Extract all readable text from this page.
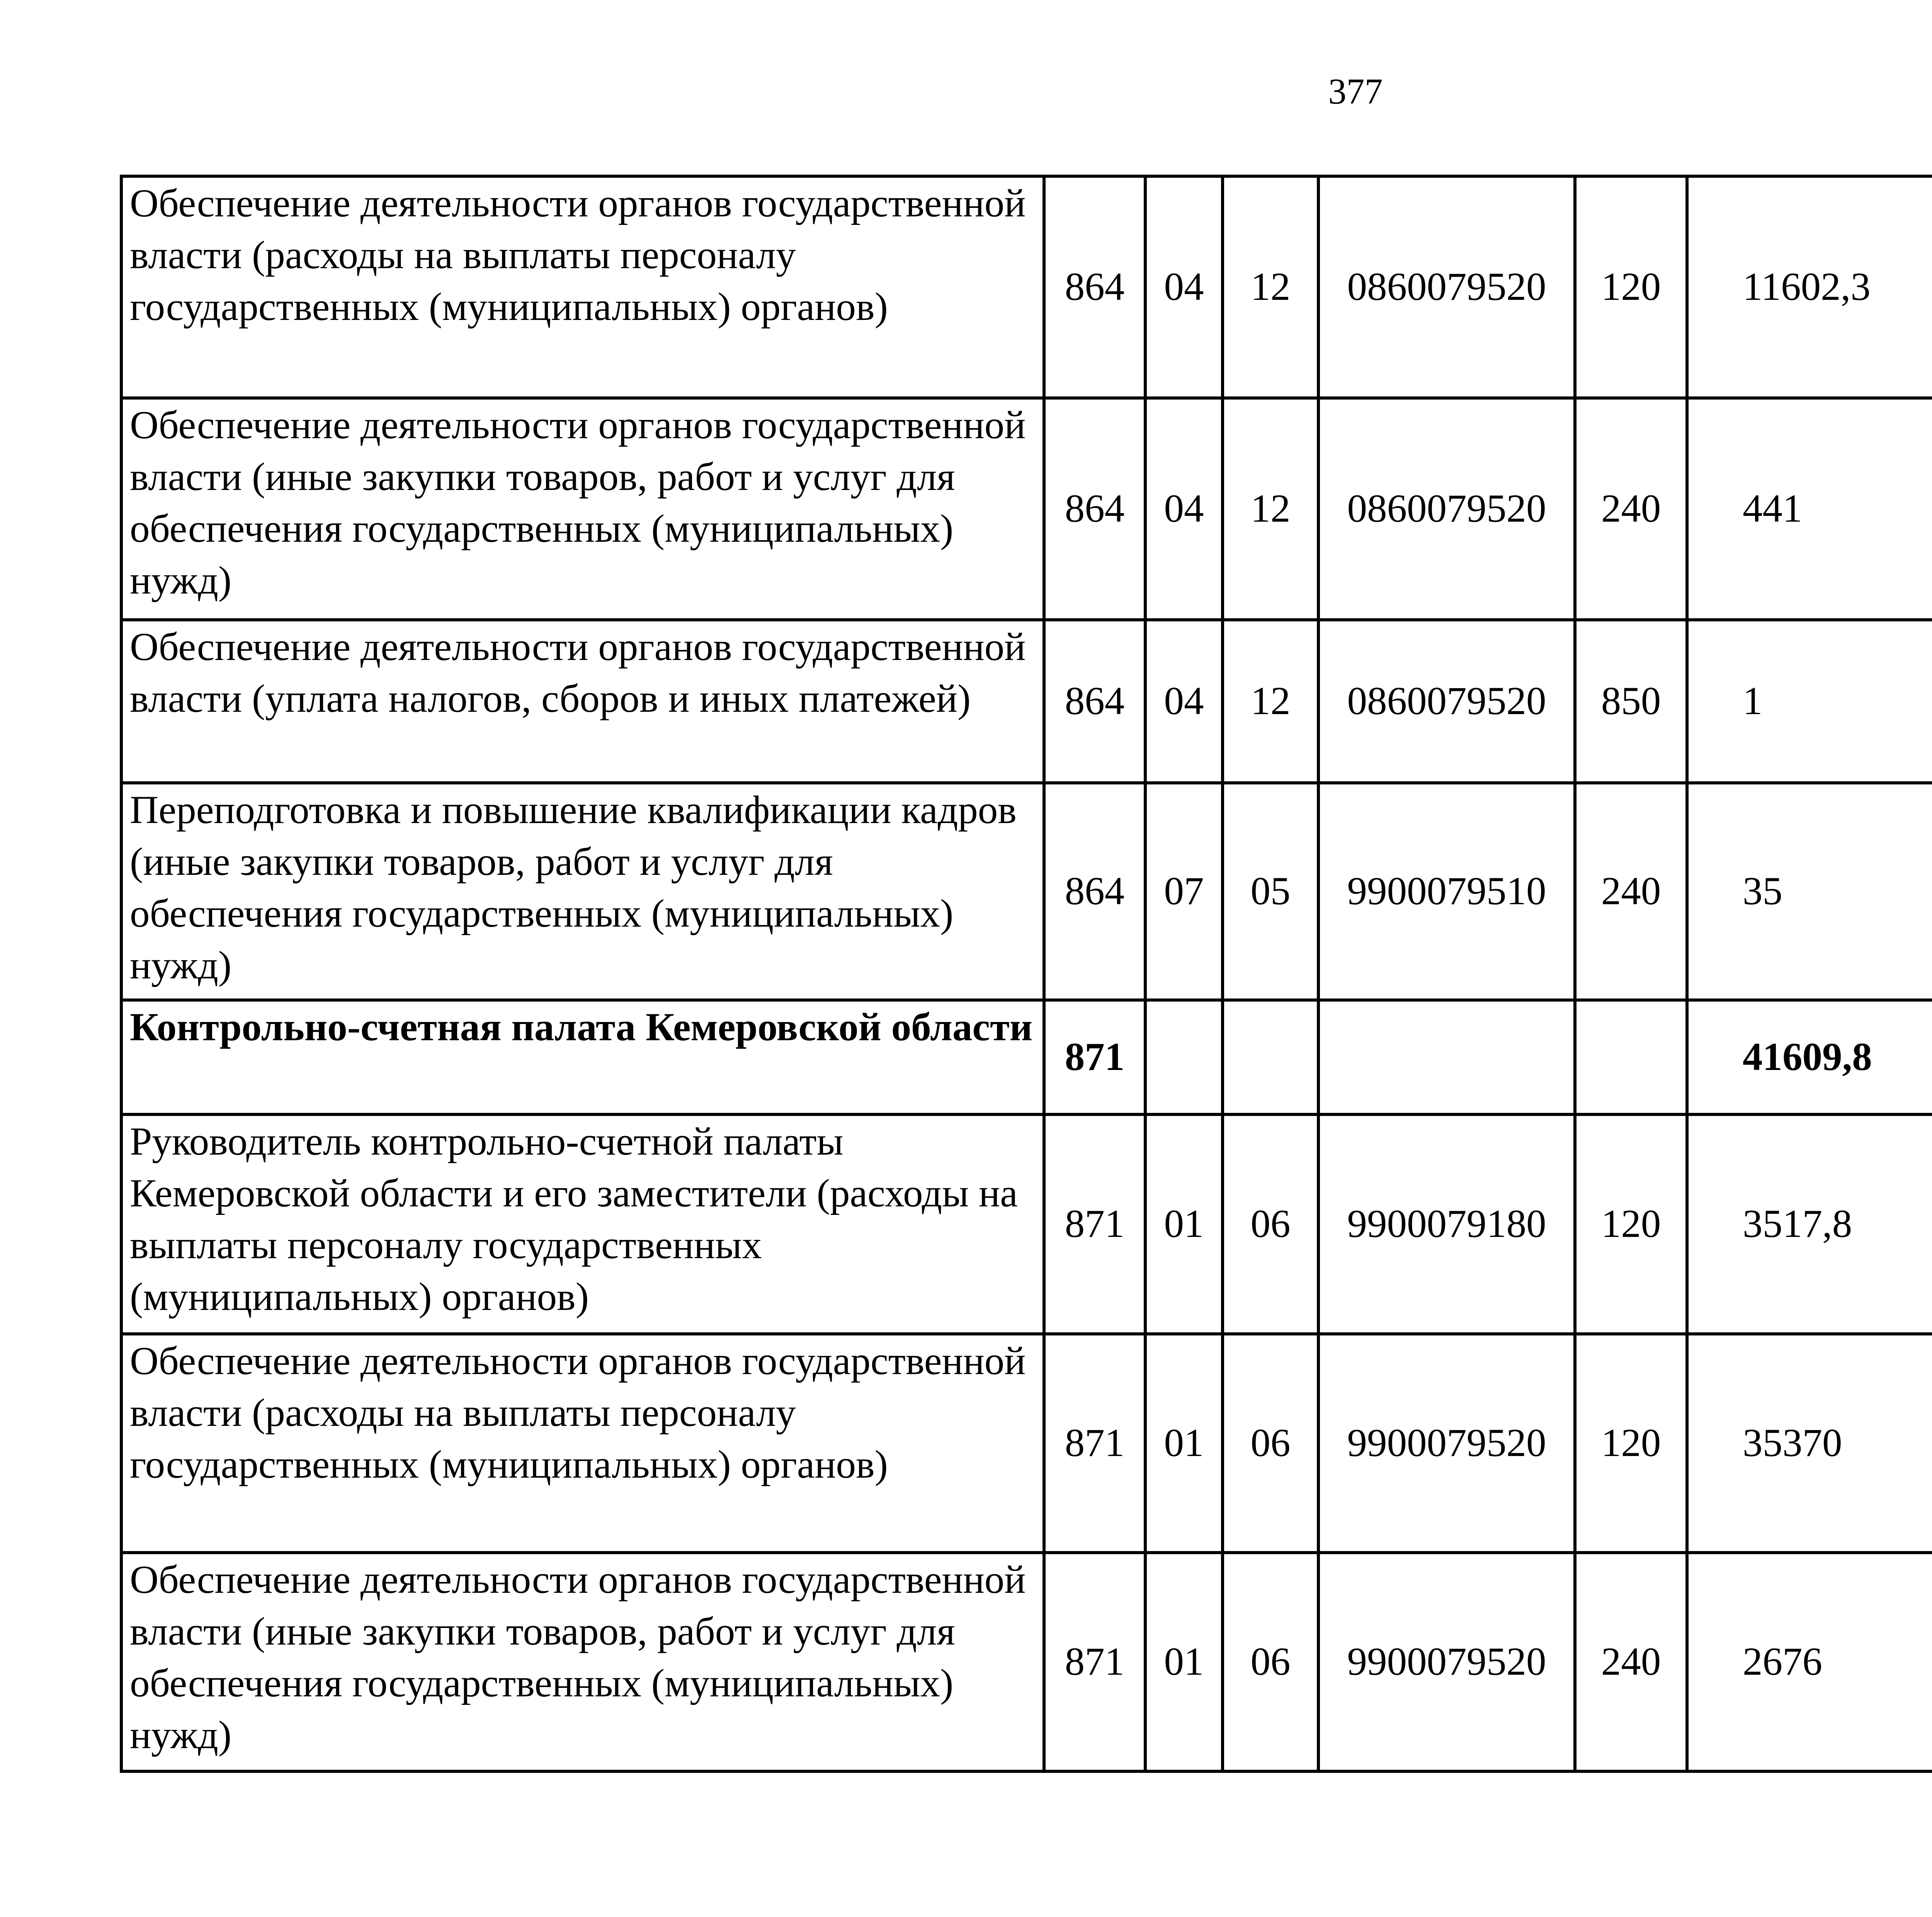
377
Обеспечение деятельности органов государственной власти (расходы на выплаты персоналу государственных (муниципальных) органов)	864	04	12	0860079520	120	11602,3		
Обеспечение деятельности органов государственной власти (иные закупки товаров, работ и услуг для обеспечения государственных (муниципальных) нужд)	864	04	12	0860079520	240	441		
Обеспечение деятельности органов государственной власти (уплата налогов, сборов и иных платежей)	864	04	12	0860079520	850	1		
Переподготовка и повышение квалификации кадров (иные закупки товаров, работ и услуг для обеспечения государственных (муниципальных) нужд)	864	07	05	9900079510	240	35		
Контрольно-счетная палата Кемеровской области	871					41609,8		
Руководитель контрольно-счетной палаты Кемеровской области и его заместители (расходы на выплаты персоналу государственных (муниципальных) органов)	871	01	06	9900079180	120	3517,8		
Обеспечение деятельности органов государственной власти (расходы на выплаты персоналу государственных (муниципальных) органов)	871	01	06	9900079520	120	35370		
Обеспечение деятельности органов государственной власти (иные закупки товаров, работ и услуг для обеспечения государственных (муниципальных) нужд)	871	01	06	9900079520	240	2676		
